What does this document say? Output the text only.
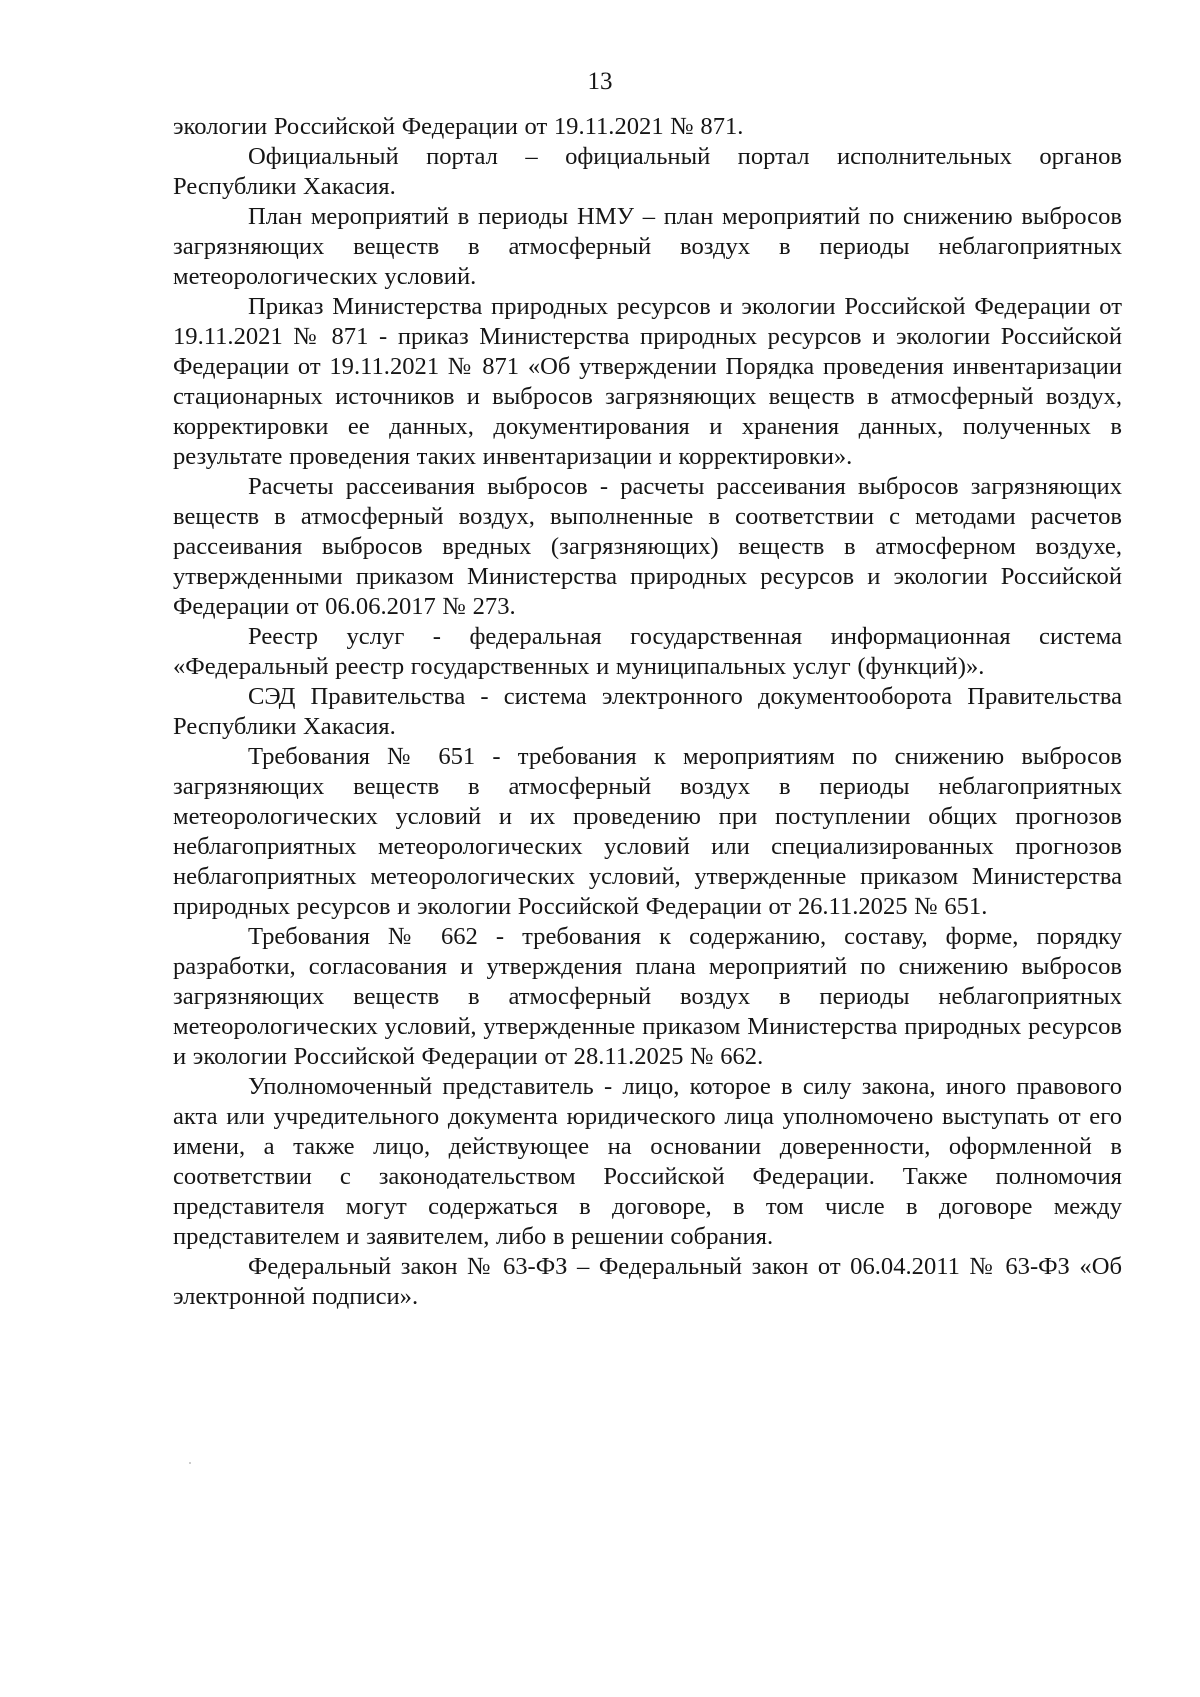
13

экологии Российской Федерации от 19.11.2021 № 871.

Официальный портал – официальный портал исполнительных органов Республики Хакасия.

План мероприятий в периоды НМУ – план мероприятий по снижению выбросов загрязняющих веществ в атмосферный воздух в периоды неблагоприятных метеорологических условий.

Приказ Министерства природных ресурсов и экологии Российской Федерации от 19.11.2021 № 871 - приказ Министерства природных ресурсов и экологии Российской Федерации от 19.11.2021 № 871 «Об утверждении Порядка проведения инвентаризации стационарных источников и выбросов загрязняющих веществ в атмосферный воздух, корректировки ее данных, документирования и хранения данных, полученных в результате проведения таких инвентаризации и корректировки».

Расчеты рассеивания выбросов - расчеты рассеивания выбросов загрязняющих веществ в атмосферный воздух, выполненные в соответствии с методами расчетов рассеивания выбросов вредных (загрязняющих) веществ в атмосферном воздухе, утвержденными приказом Министерства природных ресурсов и экологии Российской Федерации от 06.06.2017 № 273.

Реестр услуг - федеральная государственная информационная система «Федеральный реестр государственных и муниципальных услуг (функций)».

СЭД Правительства - система электронного документооборота Правительства Республики Хакасия.

Требования № 651 - требования к мероприятиям по снижению выбросов загрязняющих веществ в атмосферный воздух в периоды неблагоприятных метеорологических условий и их проведению при поступлении общих прогнозов неблагоприятных метеорологических условий или специализированных прогнозов неблагоприятных метеорологических условий, утвержденные приказом Министерства природных ресурсов и экологии Российской Федерации от 26.11.2025 № 651.

Требования № 662 - требования к содержанию, составу, форме, порядку разработки, согласования и утверждения плана мероприятий по снижению выбросов загрязняющих веществ в атмосферный воздух в периоды неблагоприятных метеорологических условий, утвержденные приказом Министерства природных ресурсов и экологии Российской Федерации от 28.11.2025 № 662.

Уполномоченный представитель - лицо, которое в силу закона, иного правового акта или учредительного документа юридического лица уполномочено выступать от его имени, а также лицо, действующее на основании доверенности, оформленной в соответствии с законодательством Российской Федерации. Также полномочия представителя могут содержаться в договоре, в том числе в договоре между представителем и заявителем, либо в решении собрания.

Федеральный закон № 63-ФЗ – Федеральный закон от 06.04.2011 № 63-ФЗ «Об электронной подписи».
